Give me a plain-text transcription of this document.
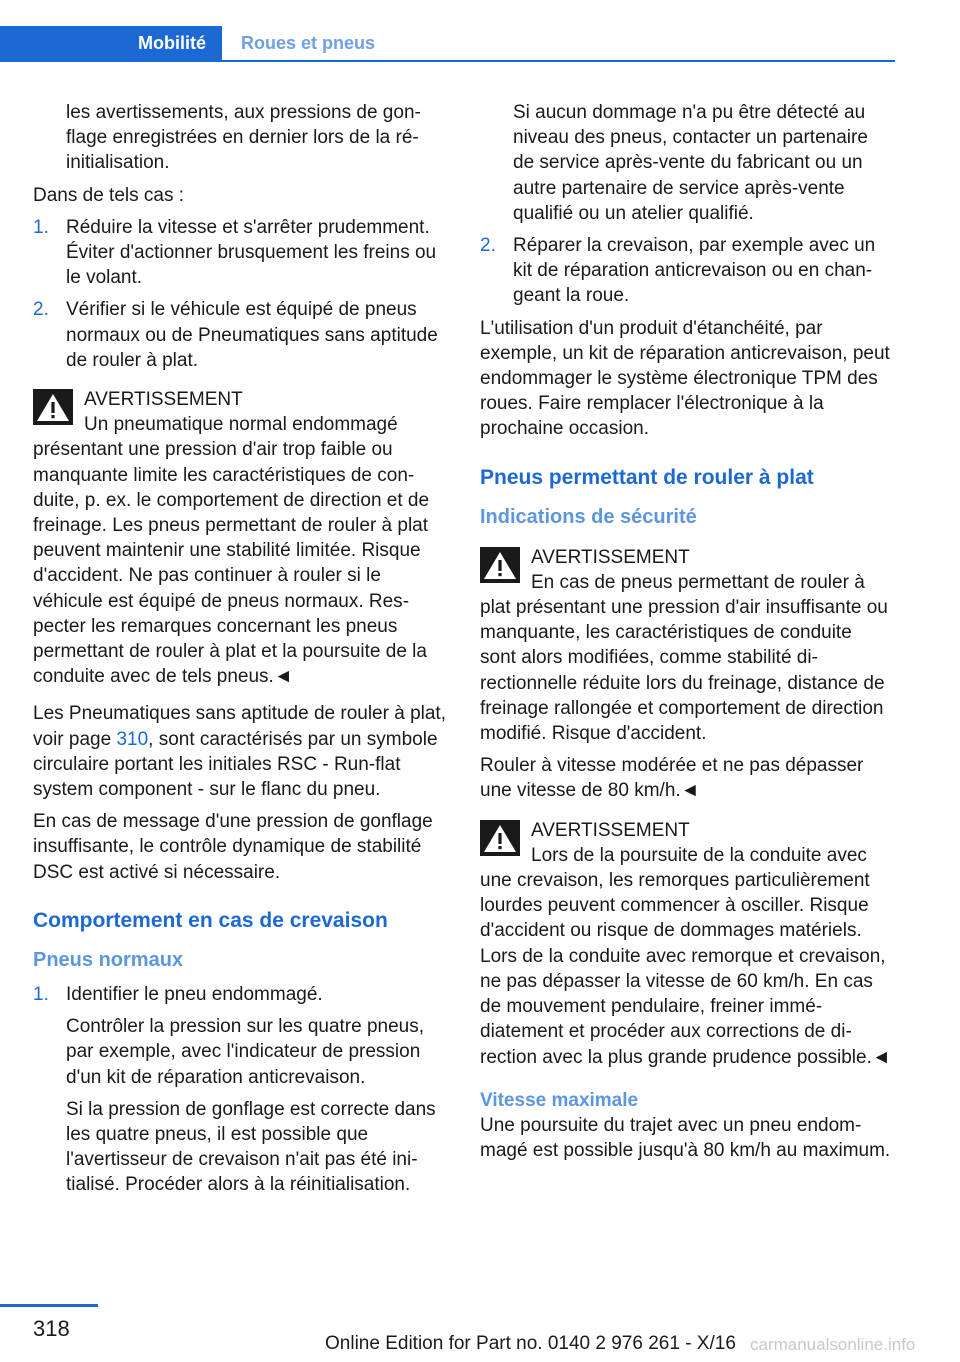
Mobilité	Roues et pneus

les avertissements, aux pressions de gonflage enregistrées en dernier lors de la réinitialisation.

Dans de tels cas :

1. Réduire la vitesse et s'arrêter prudemment. Éviter d'actionner brusquement les freins ou le volant.
2. Vérifier si le véhicule est équipé de pneus normaux ou de Pneumatiques sans aptitude de rouler à plat.
AVERTISSEMENT
Un pneumatique normal endommagé
présentant une pression d'air trop faible ou manquante limite les caractéristiques de conduite, p. ex. le comportement de direction et de freinage. Les pneus permettant de rouler à plat peuvent maintenir une stabilité limitée. Risque d'accident. Ne pas continuer à rouler si le véhicule est équipé de pneus normaux. Respecter les remarques concernant les pneus permettant de rouler à plat et la poursuite de la conduite avec de tels pneus.◄

Les Pneumatiques sans aptitude de rouler à plat, voir page 310, sont caractérisés par un symbole circulaire portant les initiales RSC - Run-flat system component - sur le flanc du pneu.

En cas de message d'une pression de gonflage insuffisante, le contrôle dynamique de stabilité DSC est activé si nécessaire.

Comportement en cas de crevaison
Pneus normaux
1. Identifier le pneu endommagé.
Contrôler la pression sur les quatre pneus, par exemple, avec l'indicateur de pression d'un kit de réparation anticrevaison.
Si la pression de gonflage est correcte dans les quatre pneus, il est possible que l'avertisseur de crevaison n'ait pas été initialisé. Procéder alors à la réinitialisation.

Si aucun dommage n'a pu être détecté au niveau des pneus, contacter un partenaire de service après-vente du fabricant ou un autre partenaire de service après-vente qualifié ou un atelier qualifié.

2. Réparer la crevaison, par exemple avec un kit de réparation anticrevaison ou en changeant la roue.

L'utilisation d'un produit d'étanchéité, par exemple, un kit de réparation anticrevaison, peut endommager le système électronique TPM des roues. Faire remplacer l'électronique à la prochaine occasion.

Pneus permettant de rouler à plat
Indications de sécurité
AVERTISSEMENT
En cas de pneus permettant de rouler à

plat présentant une pression d'air insuffisante ou manquante, les caractéristiques de conduite sont alors modifiées, comme stabilité directionnelle réduite lors du freinage, distance de freinage rallongée et comportement de direction modifié. Risque d'accident.

Rouler à vitesse modérée et ne pas dépasser une vitesse de 80 km/h.◄

AVERTISSEMENT
Lors de la poursuite de la conduite avec
une crevaison, les remorques particulièrement lourdes peuvent commencer à osciller. Risque d'accident ou risque de dommages matériels. Lors de la conduite avec remorque et crevaison, ne pas dépasser la vitesse de 60 km/h. En cas de mouvement pendulaire, freiner immédiatement et procéder aux corrections de direction avec la plus grande prudence possible.◄
Vitesse maximale

Une poursuite du trajet avec un pneu endommagé est possible jusqu'à 80 km/h au maximum.

318
Online Edition for Part no. 0140 2 976 261 - X/16 carmanualsonline.info
